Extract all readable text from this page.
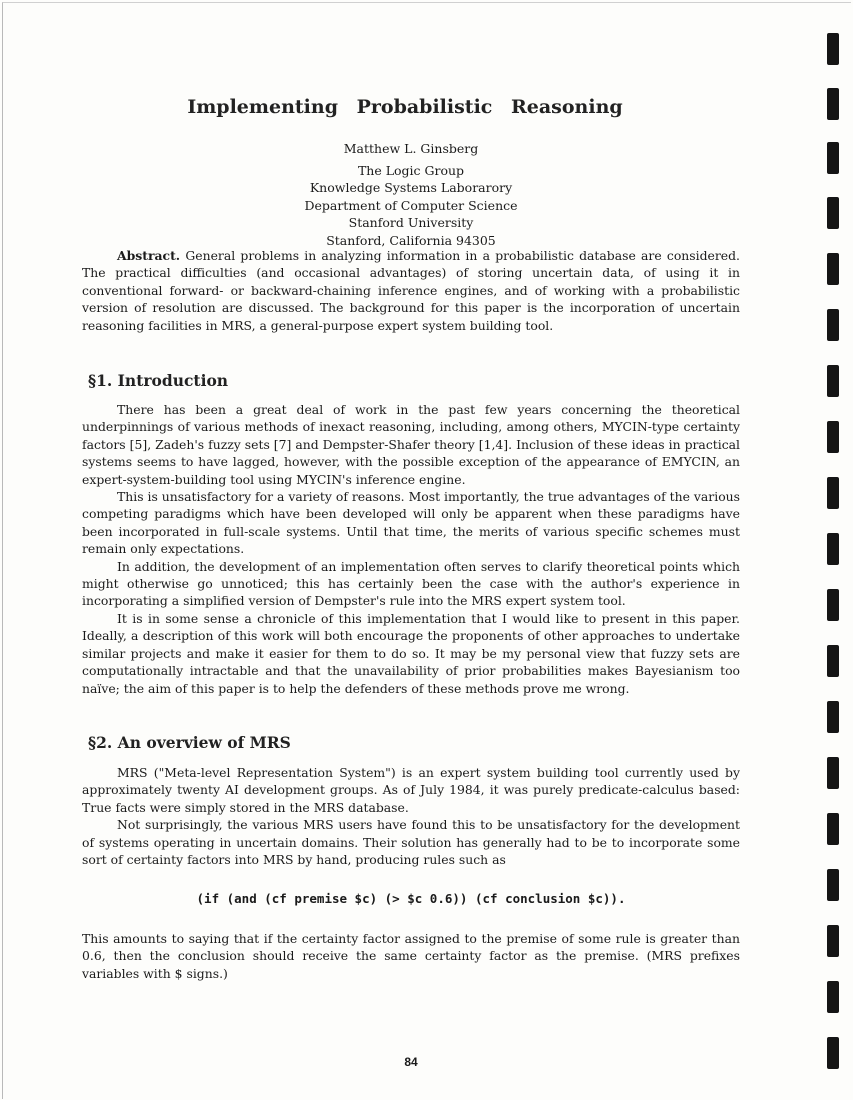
Implementing Probabilistic Reasoning
Matthew L. Ginsberg
The Logic Group
Knowledge Systems Laborarory
Department of Computer Science
Stanford University
Stanford, California 94305
Abstract. General problems in analyzing information in a probabilistic database are considered. The practical difficulties (and occasional advantages) of storing uncertain data, of using it in conventional forward- or backward-chaining inference engines, and of working with a probabilistic version of resolution are discussed. The background for this paper is the incorporation of uncertain reasoning facilities in MRS, a general-purpose expert system building tool.
§1. Introduction

There has been a great deal of work in the past few years concerning the theoretical underpinnings of various methods of inexact reasoning, including, among others, MYCIN-type certainty factors [5], Zadeh's fuzzy sets [7] and Dempster-Shafer theory [1,4]. Inclusion of these ideas in practical systems seems to have lagged, however, with the possible exception of the appearance of EMYCIN, an expert-system-building tool using MYCIN's inference engine.

This is unsatisfactory for a variety of reasons. Most importantly, the true advantages of the various competing paradigms which have been developed will only be apparent when these paradigms have been incorporated in full-scale systems. Until that time, the merits of various specific schemes must remain only expectations.

In addition, the development of an implementation often serves to clarify theoretical points which might otherwise go unnoticed; this has certainly been the case with the author's experience in incorporating a simplified version of Dempster's rule into the MRS expert system tool.

It is in some sense a chronicle of this implementation that I would like to present in this paper. Ideally, a description of this work will both encourage the proponents of other approaches to undertake similar projects and make it easier for them to do so. It may be my personal view that fuzzy sets are computationally intractable and that the unavailability of prior probabilities makes Bayesianism too naïve; the aim of this paper is to help the defenders of these methods prove me wrong.

§2. An overview of MRS

MRS ("Meta-level Representation System") is an expert system building tool currently used by approximately twenty AI development groups. As of July 1984, it was purely predicate-calculus based: True facts were simply stored in the MRS database.

Not surprisingly, the various MRS users have found this to be unsatisfactory for the development of systems operating in uncertain domains. Their solution has generally had to be to incorporate some sort of certainty factors into MRS by hand, producing rules such as

(if (and (cf premise $c) (> $c 0.6)) (cf conclusion $c)).
This amounts to saying that if the certainty factor assigned to the premise of some rule is greater than 0.6, then the conclusion should receive the same certainty factor as the premise. (MRS prefixes variables with $ signs.)
84
